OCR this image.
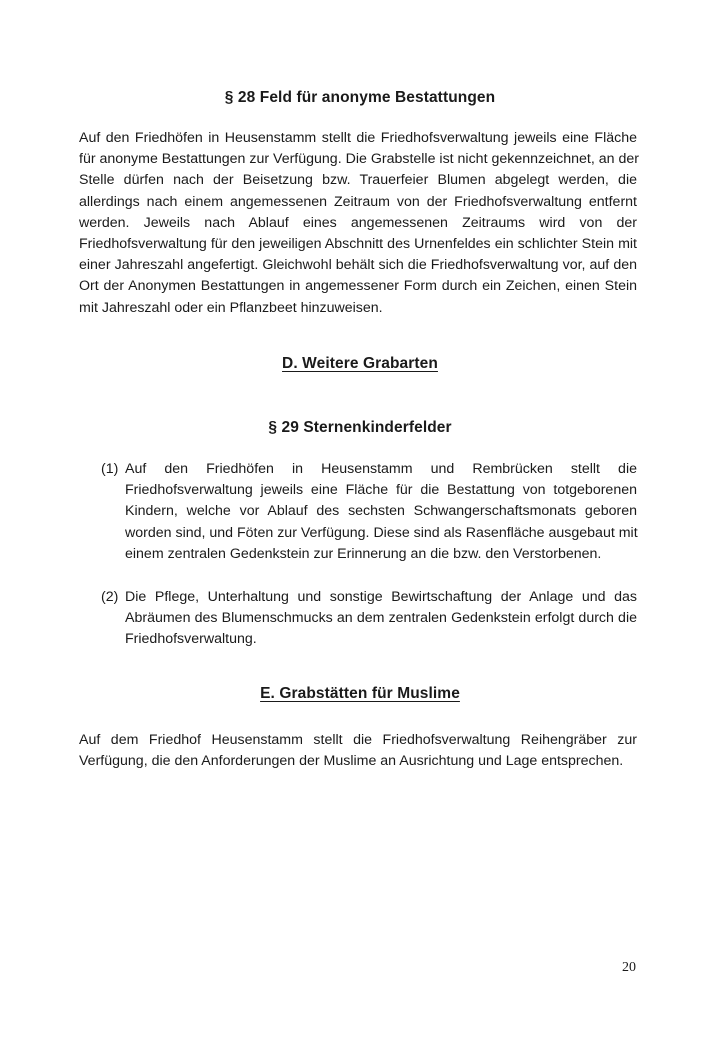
§ 28 Feld für anonyme Bestattungen
Auf den Friedhöfen in Heusenstamm stellt die Friedhofsverwaltung jeweils eine Fläche
für anonyme Bestattungen zur Verfügung. Die Grabstelle ist nicht gekennzeichnet, an der
Stelle dürfen nach der Beisetzung bzw. Trauerfeier Blumen abgelegt werden, die
allerdings nach einem angemessenen Zeitraum von der Friedhofsverwaltung entfernt
werden. Jeweils nach Ablauf eines angemessenen Zeitraums wird von der
Friedhofsverwaltung für den jeweiligen Abschnitt des Urnenfeldes ein schlichter Stein mit
einer Jahreszahl angefertigt. Gleichwohl behält sich die Friedhofsverwaltung vor, auf den
Ort der Anonymen Bestattungen in angemessener Form durch ein Zeichen, einen Stein
mit Jahreszahl oder ein Pflanzbeet hinzuweisen.
D. Weitere Grabarten
§ 29 Sternenkinderfelder
(1) Auf den Friedhöfen in Heusenstamm und Rembrücken stellt die
Friedhofsverwaltung jeweils eine Fläche für die Bestattung von totgeborenen
Kindern, welche vor Ablauf des sechsten Schwangerschaftsmonats geboren
worden sind, und Föten zur Verfügung. Diese sind als Rasenfläche ausgebaut mit
einem zentralen Gedenkstein zur Erinnerung an die bzw. den Verstorbenen.
(2) Die Pflege, Unterhaltung und sonstige Bewirtschaftung der Anlage und das
Abräumen des Blumenschmucks an dem zentralen Gedenkstein erfolgt durch die
Friedhofsverwaltung.
E. Grabstätten für Muslime
Auf dem Friedhof Heusenstamm stellt die Friedhofsverwaltung Reihengräber zur
Verfügung, die den Anforderungen der Muslime an Ausrichtung und Lage entsprechen.
20
